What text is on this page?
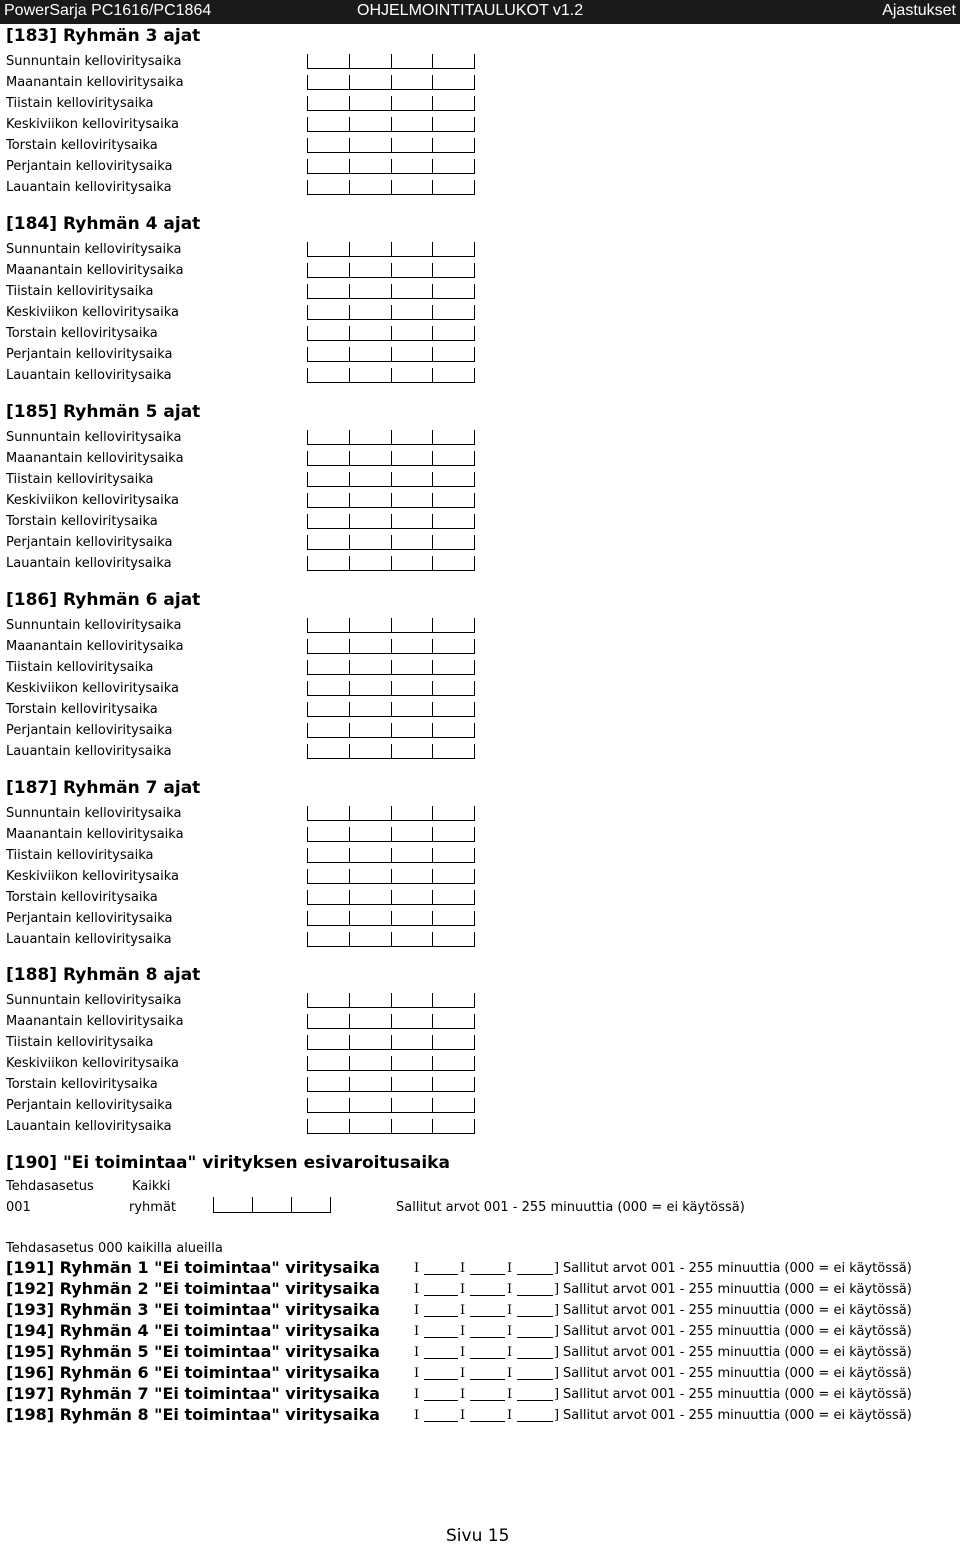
PowerSarja PC1616/PC1864	OHJELMOINTITAULUKOT v1.2	Ajastukset
[183] Ryhmän 3 ajat
Sunnuntain kelloviritysaika
Maanantain kelloviritysaika
Tiistain kelloviritysaika
Keskiviikon kelloviritysaika
Torstain kelloviritysaika
Perjantain kelloviritysaika
Lauantain kelloviritysaika
[184] Ryhmän 4 ajat
Sunnuntain kelloviritysaika
Maanantain kelloviritysaika
Tiistain kelloviritysaika
Keskiviikon kelloviritysaika
Torstain kelloviritysaika
Perjantain kelloviritysaika
Lauantain kelloviritysaika
[185] Ryhmän 5 ajat
Sunnuntain kelloviritysaika
Maanantain kelloviritysaika
Tiistain kelloviritysaika
Keskiviikon kelloviritysaika
Torstain kelloviritysaika
Perjantain kelloviritysaika
Lauantain kelloviritysaika
[186] Ryhmän 6 ajat
Sunnuntain kelloviritysaika
Maanantain kelloviritysaika
Tiistain kelloviritysaika
Keskiviikon kelloviritysaika
Torstain kelloviritysaika
Perjantain kelloviritysaika
Lauantain kelloviritysaika
[187] Ryhmän 7 ajat
Sunnuntain kelloviritysaika
Maanantain kelloviritysaika
Tiistain kelloviritysaika
Keskiviikon kelloviritysaika
Torstain kelloviritysaika
Perjantain kelloviritysaika
Lauantain kelloviritysaika
[188] Ryhmän 8 ajat
Sunnuntain kelloviritysaika
Maanantain kelloviritysaika
Tiistain kelloviritysaika
Keskiviikon kelloviritysaika
Torstain kelloviritysaika
Perjantain kelloviritysaika
Lauantain kelloviritysaika
[190] "Ei toimintaa" virityksen esivaroitusaika
Tehdasasetus	Kaikki
001	ryhmät	Sallitut arvot 001 - 255 minuuttia (000 = ei käytössä)
Tehdasasetus 000 kaikilla alueilla
[191] Ryhmän 1 "Ei toimintaa" viritysaika	I	I	I	] Sallitut arvot 001 - 255 minuuttia (000 = ei käytössä)
[192] Ryhmän 2 "Ei toimintaa" viritysaika	I	I	I	] Sallitut arvot 001 - 255 minuuttia (000 = ei käytössä)
[193] Ryhmän 3 "Ei toimintaa" viritysaika	I	I	I	] Sallitut arvot 001 - 255 minuuttia (000 = ei käytössä)
[194] Ryhmän 4 "Ei toimintaa" viritysaika	I	I	I	] Sallitut arvot 001 - 255 minuuttia (000 = ei käytössä)
[195] Ryhmän 5 "Ei toimintaa" viritysaika	I	I	I	] Sallitut arvot 001 - 255 minuuttia (000 = ei käytössä)
[196] Ryhmän 6 "Ei toimintaa" viritysaika	I	I	I	] Sallitut arvot 001 - 255 minuuttia (000 = ei käytössä)
[197] Ryhmän 7 "Ei toimintaa" viritysaika	I	I	I	] Sallitut arvot 001 - 255 minuuttia (000 = ei käytössä)
[198] Ryhmän 8 "Ei toimintaa" viritysaika	I	I	I	] Sallitut arvot 001 - 255 minuuttia (000 = ei käytössä)
Sivu 15
